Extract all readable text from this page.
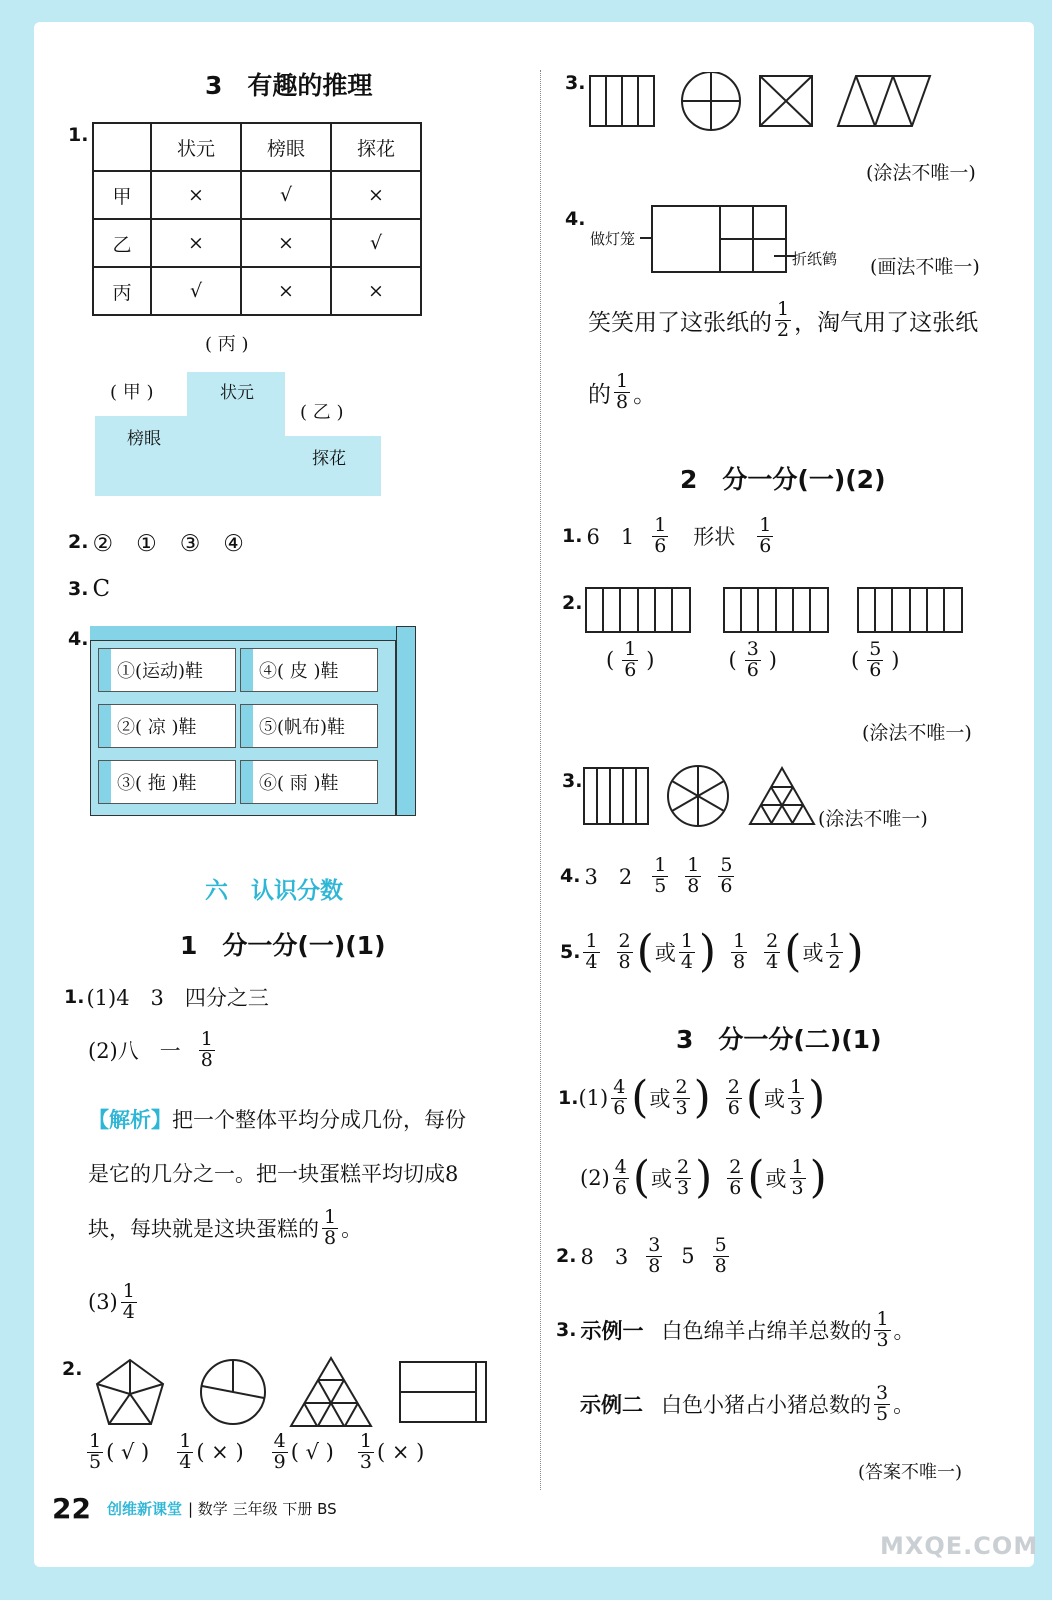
3　有趣的推理
1.
	状元	榜眼	探花
甲	×	√	×
乙	×	×	√
丙	√	×	×
( 丙 )
( 甲 )
( 乙 )
状元
榜眼
探花
2. ②　①　③　④
3. C
4.
①(运动)鞋	④( 皮 )鞋
②( 凉 )鞋	⑤(帆布)鞋
③( 拖 )鞋	⑥( 雨 )鞋
六　认识分数
1　分一分(一)(1)
1. (1)4　3　四分之三
(2)八　一 $\frac{1}{8}$
【解析】 把一个整体平均分成几份，每份
是它的几分之一。把一块蛋糕平均切成8
块，每块就是这块蛋糕的 $\frac{1}{8}$ 。
$(3) \frac{1}{4}$
2.
$\frac{1}{5}$ ( √ ) $\frac{1}{4}$ ( × ) $\frac{4}{9}$ ( √ ) $\frac{1}{3}$ ( × )
3.
(涂法不唯一)
4.
做灯笼
折纸鹤 (画法不唯一)
笑笑用了这张纸的 $\frac{1}{2}$ ，淘气用了这张纸
的 $\frac{1}{8}$ 。
2　分一分(一)(2)
1. 6　$1 \frac{1}{6}$ 形状 $\frac{1}{6}$
2.
( $\frac{1}{6}$ )	( $\frac{3}{6}$ )	( $\frac{5}{6}$ )
(涂法不唯一)
3.
(涂法不唯一)
4. 3　$2 \frac{1}{5} \frac{1}{8} \frac{5}{6}$
5. $\frac{1}{4} \frac{2}{8}$ ( 或 $\frac{1}{4}$ ) $\frac{1}{8} \frac{2}{4}$ ( 或 $\frac{1}{2}$ )
3　分一分(二)(1)
1. $(1) \frac{4}{6}$ ( 或 $\frac{2}{3}$ ) $\frac{2}{6}$ ( 或 $\frac{1}{3}$ )
$(2) \frac{4}{6}$ ( 或 $\frac{2}{3}$ ) $\frac{2}{6}$ ( 或 $\frac{1}{3}$ )
2. 8　$3 \frac{3}{8} 5 \frac{5}{8}$
3. 示例一 白色绵羊占绵羊总数的 $\frac{1}{3}$ 。
示例二 白色小猪占小猪总数的 $\frac{3}{5}$ 。
(答案不唯一)
22 创维新课堂 | 数学 三年级 下册 BS
MXQE.COM
